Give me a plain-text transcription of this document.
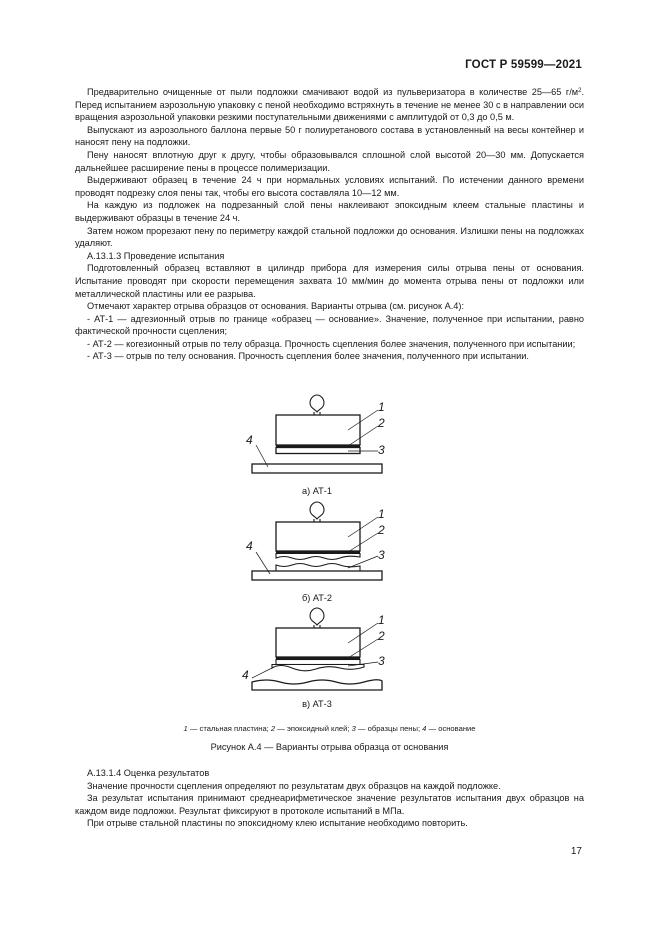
ГОСТ Р 59599—2021

Предварительно очищенные от пыли подложки смачивают водой из пульверизатора в количестве 25—65 $г/м^2$. Перед испытанием аэрозольную упаковку с пеной необходимо встряхнуть в течение не менее 30 с в направлении оси вращения аэрозольной упаковки резкими поступательными движениями с амплитудой от 0,3 до 0,5 м.

Выпускают из аэрозольного баллона первые 50 г полиуретанового состава в установленный на весы контейнер и наносят пену на подложки.

Пену наносят вплотную друг к другу, чтобы образовывался сплошной слой высотой 20—30 мм. Допускается дальнейшее расширение пены в процессе полимеризации.

Выдерживают образец в течение 24 ч при нормальных условиях испытаний. По истечении данного времени проводят подрезку слоя пены так, чтобы его высота составляла 10—12 мм.

На каждую из подложек на подрезанный слой пены наклеивают эпоксидным клеем стальные пластины и выдерживают образцы в течение 24 ч.

Затем ножом прорезают пену по периметру каждой стальной подложки до основания. Излишки пены на подложках удаляют.

А.13.1.3 Проведение испытания

Подготовленный образец вставляют в цилиндр прибора для измерения силы отрыва пены от основания. Испытание проводят при скорости перемещения захвата 10 мм/мин до момента отрыва пены от подложки или металлической пластины или ее разрыва.

Отмечают характер отрыва образцов от основания. Варианты отрыва (см. рисунок А.4):

- АТ-1 — адгезионный отрыв по границе «образец — основание». Значение, полученное при испытании, равно фактической прочности сцепления;

- АТ-2 — когезионный отрыв по телу образца. Прочность сцепления более значения, полученного при испытании;

- АТ-3 — отрыв по телу основания. Прочность сцепления более значения, полученного при испытании.

1
2
3
4
1
2
3
4
1
2
3
4
а) АТ-1
б) АТ-2
в) АТ-3
1 — стальная пластина; 2 — эпоксидный клей; 3 — образцы пены; 4 — основание
Рисунок А.4 — Варианты отрыва образца от основания

А.13.1.4 Оценка результатов

Значение прочности сцепления определяют по результатам двух образцов на каждой подложке.

За результат испытания принимают среднеарифметическое значение результатов испытания двух образцов на каждом виде подложки. Результат фиксируют в протоколе испытаний в МПа.

При отрыве стальной пластины по эпоксидному клею испытание необходимо повторить.

17
